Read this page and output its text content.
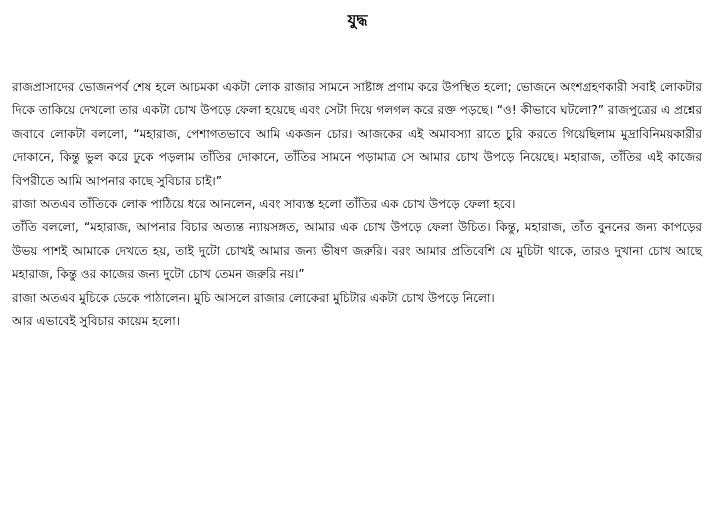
যুদ্ধ

রাজপ্রাসাদের ভোজনপর্ব শেষ হলে আচমকা একটা লোক রাজার সামনে সাষ্টাঙ্গ প্রণাম করে উপস্থিত হলো; ভোজনে অংশগ্রহণকারী সবাই লোকটার দিকে তাকিয়ে দেখলো তার একটা চোখ উপড়ে ফেলা হয়েছে এবং সেটা দিয়ে গলগল করে রক্ত পড়ছে। “ও! কীভাবে ঘটলো?” রাজপুত্রের এ প্রশ্নের জবাবে লোকটা বললো, “মহারাজ, পেশাগতভাবে আমি একজন চোর। আজকের এই অমাবস্যা রাতে চুরি করতে গিয়েছিলাম মুদ্রাবিনিময়কারীর দোকানে, কিন্তু ভুল করে ঢুকে পড়লাম তাঁতির দোকানে, তাঁতির সামনে পড়ামাত্র সে আমার চোখ উপড়ে নিয়েছে। মহারাজ, তাঁতির এই কাজের বিপরীতে আমি আপনার কাছে সুবিচার চাই।”

রাজা অতএব তাঁতিকে লোক পাঠিয়ে ধরে আনলেন, এবং সাব্যস্ত হলো তাঁতির এক চোখ উপড়ে ফেলা হবে।

তাঁতি বললো, “মহারাজ, আপনার বিচার অত্যন্ত ন্যায়সঙ্গত, আমার এক চোখ উপড়ে ফেলা উচিত। কিন্তু, মহারাজ, তাঁত বুননের জন্য কাপড়ের উভয় পাশই আমাকে দেখতে হয়, তাই দুটো চোখই আমার জন্য ভীষণ জরুরি। বরং আমার প্রতিবেশি যে মুচিটা থাকে, তারও দুখানা চোখ আছে মহারাজ, কিন্তু ওর কাজের জন্য দুটো চোখ তেমন জরুরি নয়।”

রাজা অতএব মুচিকে ডেকে পাঠালেন। মুচি আসলে রাজার লোকেরা মুচিটার একটা চোখ উপড়ে নিলো।

আর এভাবেই সুবিচার কায়েম হলো।
